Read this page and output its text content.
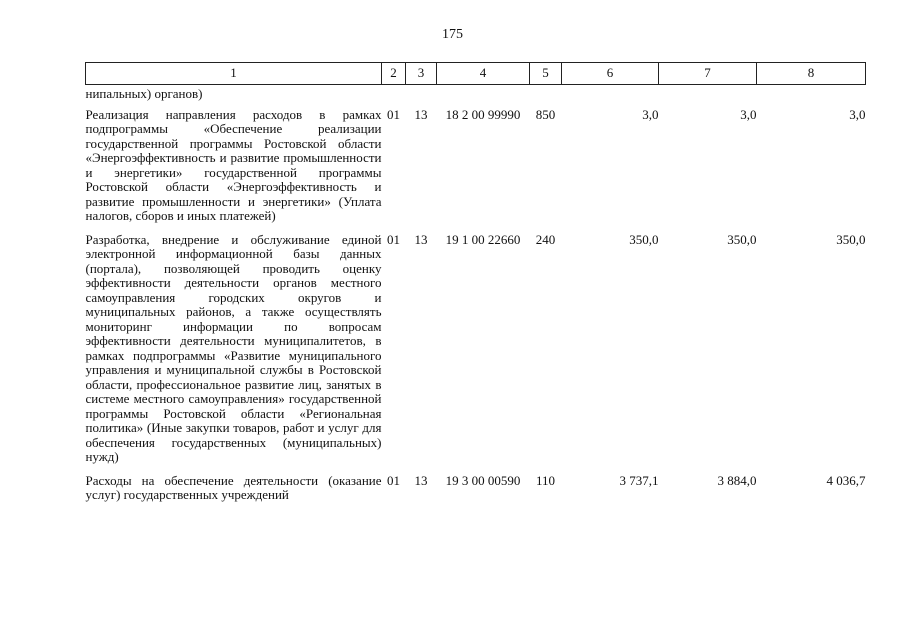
175
1	2	3	4	5	6	7	8
нипальных) органов)							
Реализация направления расходов в рамках подпрограммы «Обеспечение реализации государственной программы Ростовской области «Энергоэффективность и развитие промышленности и энергетики» государственной программы Ростовской области «Энергоэффективность и развитие промышленности и энергетики» (Уплата налогов, сборов и иных платежей)	01	13	18 2 00 99990	850	3,0	3,0	3,0
Разработка, внедрение и обслуживание единой электронной информационной базы данных (портала), позволяющей проводить оценку эффективности деятельности органов местного самоуправления городских округов и муниципальных районов, а также осуществлять мониторинг информации по вопросам эффективности деятельности муниципалитетов, в рамках подпрограммы «Развитие муниципального управления и муниципальной службы в Ростовской области, профессиональное развитие лиц, занятых в системе местного самоуправления» государственной программы Ростовской области «Региональная политика» (Иные закупки товаров, работ и услуг для обеспечения государственных (муниципальных) нужд)	01	13	19 1 00 22660	240	350,0	350,0	350,0
Расходы на обеспечение деятельности (оказание услуг) государственных учреждений	01	13	19 3 00 00590	110	3 737,1	3 884,0	4 036,7
